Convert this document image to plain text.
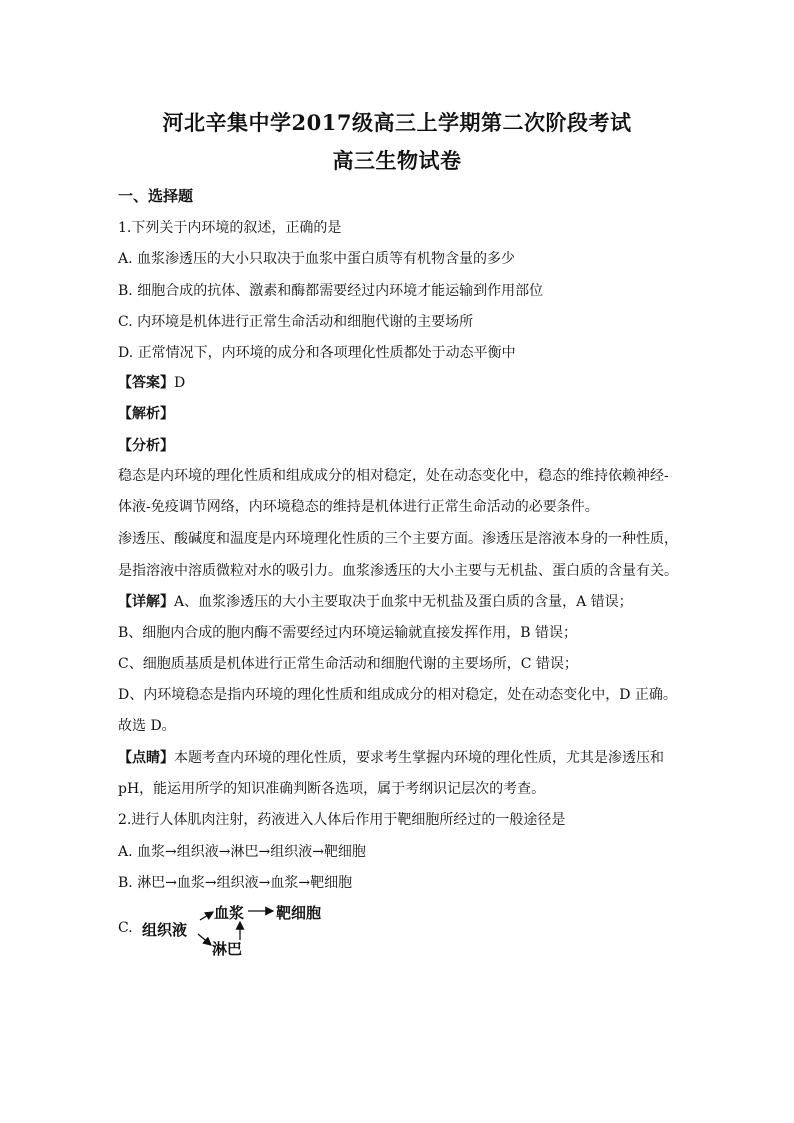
河北辛集中学2017级高三上学期第二次阶段考试
高三生物试卷
一、选择题
1.下列关于内环境的叙述，正确的是
A. 血浆渗透压的大小只取决于血浆中蛋白质等有机物含量的多少
B. 细胞合成的抗体、激素和酶都需要经过内环境才能运输到作用部位
C. 内环境是机体进行正常生命活动和细胞代谢的主要场所
D. 正常情况下，内环境的成分和各项理化性质都处于动态平衡中
【答案】D
【解析】
【分析】
稳态是内环境的理化性质和组成成分的相对稳定，处在动态变化中，稳态的维持依赖神经-
体液-免疫调节网络，内环境稳态的维持是机体进行正常生命活动的必要条件。
渗透压、酸碱度和温度是内环境理化性质的三个主要方面。渗透压是溶液本身的一种性质，
是指溶液中溶质微粒对水的吸引力。血浆渗透压的大小主要与无机盐、蛋白质的含量有关。
【详解】A、血浆渗透压的大小主要取决于血浆中无机盐及蛋白质的含量，A 错误；
B、细胞内合成的胞内酶不需要经过内环境运输就直接发挥作用，B 错误；
C、细胞质基质是机体进行正常生命活动和细胞代谢的主要场所，C 错误；
D、内环境稳态是指内环境的理化性质和组成成分的相对稳定，处在动态变化中，D 正确。
故选 D。
【点睛】本题考查内环境的理化性质，要求考生掌握内环境的理化性质，尤其是渗透压和
pH，能运用所学的知识准确判断各选项，属于考纲识记层次的考查。
2.进行人体肌肉注射，药液进入人体后作用于靶细胞所经过的一般途径是
A. 血浆→组织液→淋巴→组织液→靶细胞
B. 淋巴→血浆→组织液→血浆→靶细胞
C. 组织液
血浆 靶细胞
淋巴
